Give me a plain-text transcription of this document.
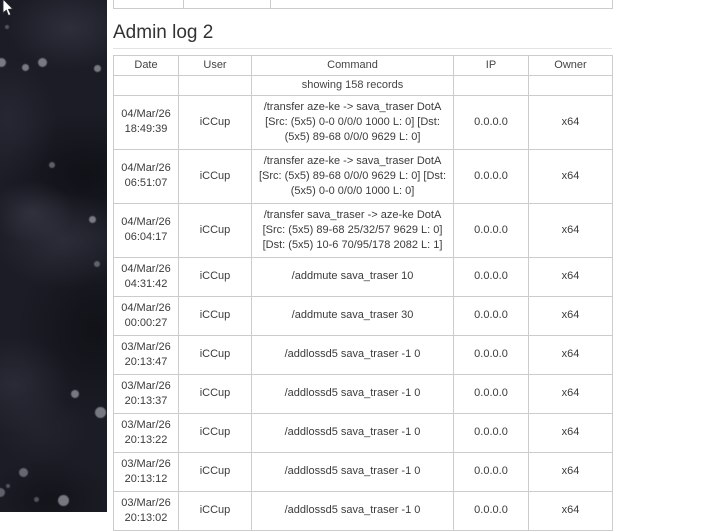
Admin log 2
Date	User	Command	IP	Owner
		showing 158 records		
04/Mar/26 18:49:39	iCCup	/transfer aze-ke -> sava_traser DotA [Src: (5x5) 0-0 0/0/0 1000 L: 0] [Dst: (5x5) 89-68 0/0/0 9629 L: 0]	0.0.0.0	x64
04/Mar/26 06:51:07	iCCup	/transfer aze-ke -> sava_traser DotA [Src: (5x5) 89-68 0/0/0 9629 L: 0] [Dst: (5x5) 0-0 0/0/0 1000 L: 0]	0.0.0.0	x64
04/Mar/26 06:04:17	iCCup	/transfer sava_traser -> aze-ke DotA [Src: (5x5) 89-68 25/32/57 9629 L: 0] [Dst: (5x5) 10-6 70/95/178 2082 L: 1]	0.0.0.0	x64
04/Mar/26 04:31:42	iCCup	/addmute sava_traser 10	0.0.0.0	x64
04/Mar/26 00:00:27	iCCup	/addmute sava_traser 30	0.0.0.0	x64
03/Mar/26 20:13:47	iCCup	/addlossd5 sava_traser -1 0	0.0.0.0	x64
03/Mar/26 20:13:37	iCCup	/addlossd5 sava_traser -1 0	0.0.0.0	x64
03/Mar/26 20:13:22	iCCup	/addlossd5 sava_traser -1 0	0.0.0.0	x64
03/Mar/26 20:13:12	iCCup	/addlossd5 sava_traser -1 0	0.0.0.0	x64
03/Mar/26 20:13:02	iCCup	/addlossd5 sava_traser -1 0	0.0.0.0	x64
